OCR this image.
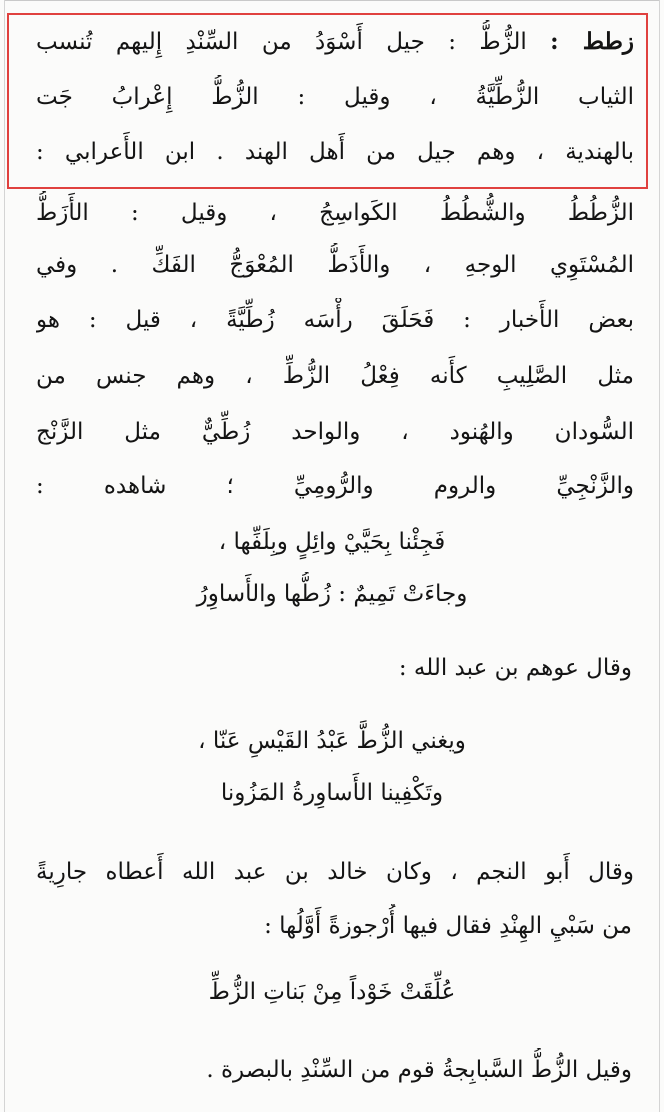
زطط : الزُّطُّ : جيل أَسْوَدُ من السِّنْدِ إِليهم تُنسب
الثياب الزُّطِّيَّةُ ، وقيل : الزُّطُّ إِعْرابُ جَت
بالهندية ، وهم جيل من أَهل الهند . ابن الأَعرابي :
الزُّطُطُ والشُّطُطُ الكَواسِجُ ، وقيل : الأَزَطُّ
المُسْتَوِي الوجهِ ، والأَذَطُّ المُعْوَجُّ الفَكِّ . وفي
بعض الأَخبار : فَحَلَقَ رأْسَه زُطِّيَّةً ، قيل : هو
مثل الصَّلِيبِ كأَنه فِعْلُ الزُّطِّ ، وهم جنس من
السُّودان والهُنود ، والواحد زُطِّيٌّ مثل الزَّنْج
والزَّنْجِيِّ والروم والرُّومِيِّ ؛ شاهده :
فَجِئْنا بِحَيَّيْ وائِلٍ وبِلَفِّها ،
وجاءَتْ تَمِيمٌ : زُطُّها والأَساوِرُ
وقال عوهم بن عبد الله :
ويغني الزُّطَّ عَبْدُ القَيْسِ عَنّا ،
وتَكْفِينا الأَساوِرةُ المَزُونا
وقال أَبو النجم ، وكان خالد بن عبد الله أَعطاه جارِيةً
من سَبْيِ الهِنْدِ فقال فيها أُرْجوزةً أَوَّلُها :
عُلِّقَتْ خَوْداً مِنْ بَناتِ الزُّطِّ
وقيل الزُّطُّ السَّبابِجةُ قوم من السِّنْدِ بالبصرة .
